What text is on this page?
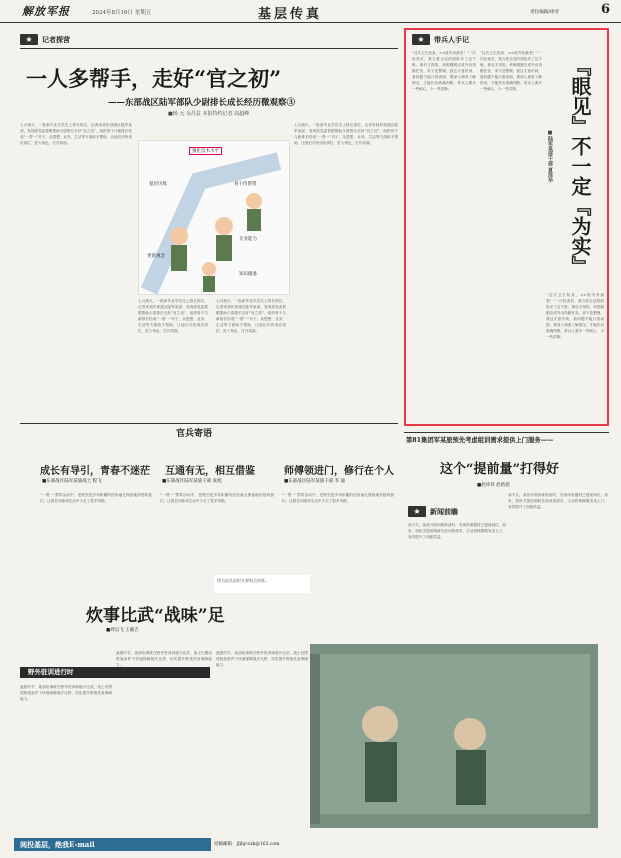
解放军报	2024年8月16日 星期五	基层传真	责任编辑/徐旁	6
★ 记者探营
一人多帮手，走好“官之初”
——东部战区陆军部队少尉排长成长经历微观察③
■杨 元 余昌益 本报特约记者 高超峰
七月流火，一批新毕业学员走上排长岗位，记者来到东部战区陆军某部，发现旅党委着眼帮助少尉排长走好“官之初”，组织骨干与新排长结成“一帮一”对子，从思想、业务、生活等方面给予帮助，让他们尽快适应岗位、进入角色、打开局面。
七月流火，一批新毕业学员走上排长岗位，记者来到东部战区陆军某部，发现旅党委着眼帮助少尉排长走好“官之初”，组织骨干与新排长结成“一帮一”对子，从思想、业务、生活等方面给予帮助，让他们尽快适应岗位、进入角色、打开局面。
七月流火，一批新毕业学员走上排长岗位，记者来到东部战区陆军某部，发现旅党委着眼帮助少尉排长走好“官之初”，组织骨干与新排长结成“一帮一”对子，从思想、业务、生活等方面给予帮助，让他们尽快适应岗位、进入角色、打开局面。
七月流火，一批新毕业学员走上排长岗位，记者来到东部战区陆军某部，发现旅党委着眼帮助少尉排长走好“官之初”，组织骨干与新排长结成“一帮一”对子，从思想、业务、生活等方面给予帮助，让他们尽快适应岗位、进入角色、打开局面。
强化技术水平
基层历练	骨干传帮带
专业能力
更新观念
知识储备
★ 带兵人手记
『眼见』不一定『为实』
■陆军某部干部 夏泽华
“这次卫生检查，××班内务最差！”一次检查后，我当着全连的面批评了这个班。事后才得知，该班刚刚完成外出执勤任务，来不及整理。我这才意识到，看问题不能只看表面，要深入调查了解情况，才能作出准确判断。带兵人要多一些耐心，少一些武断。
“这次卫生检查，××班内务最差！”一次检查后，我当着全连的面批评了这个班。事后才得知，该班刚刚完成外出执勤任务，来不及整理。我这才意识到，看问题不能只看表面，要深入调查了解情况，才能作出准确判断。带兵人要多一些耐心，少一些武断。
“这次卫生检查，××班内务最差！”一次检查后，我当着全连的面批评了这个班。事后才得知，该班刚刚完成外出执勤任务，来不及整理。我这才意识到，看问题不能只看表面，要深入调查了解情况，才能作出准确判断。带兵人要多一些耐心，少一些武断。
官兵寄语
成长有导引，青春不迷茫 互通有无，相互借鉴	师傅领进门，修行在个人
■东部战区陆军某旅战士 程飞	■东部战区陆军某旅干部 张旭	■东部战区陆军某旅干部 李 迪
“一帮一”帮带活动中，老班长把多年积累的经验毫无保留地传授给我们，让我在训练和生活中少走了很多弯路。
“一帮一”帮带活动中，老班长把多年积累的经验毫无保留地传授给我们，让我在训练和生活中少走了很多弯路。
“一帮一”帮带活动中，老班长把多年积累的经验毫无保留地传授给我们，让我在训练和生活中少走了很多弯路。
第81集团军某旅预先考虑组训需求提供上门服务——
这个“提前量”打得好
■赵祥祥 赵新超
★ 新闻前瞻
前不久，某营开展训练准备时，发现所需器材已提前到位。原来，旅机关提前调研各营训练需求，主动将保障服务送上门，有效提升了训练效益。
前不久，某营开展训练准备时，发现所需器材已提前到位。原来，旅机关提前调研各营训练需求，主动将保障服务送上门，有效提升了训练效益。
图为连队组织实弹射击训练。
炊事比武“战味”足
■周以飞 王羲吉
野外驻训进行时
盛夏时节，某部炊事班在野外驻训场展开比武，战士们围绕野战条件下快速保障展开比拼，切实提升野战饮食保障能力。
盛夏时节，某部炊事班在野外驻训场展开比武，战士们围绕野战条件下快速保障展开比拼，切实提升野战饮食保障能力。
盛夏时节，某部炊事班在野外驻训场展开比武，战士们围绕野战条件下快速保障展开比拼，切实提升野战饮食保障能力。
阅投基层，绝我E-mail	投稿邮箱：jfjbjcczk@163.com
